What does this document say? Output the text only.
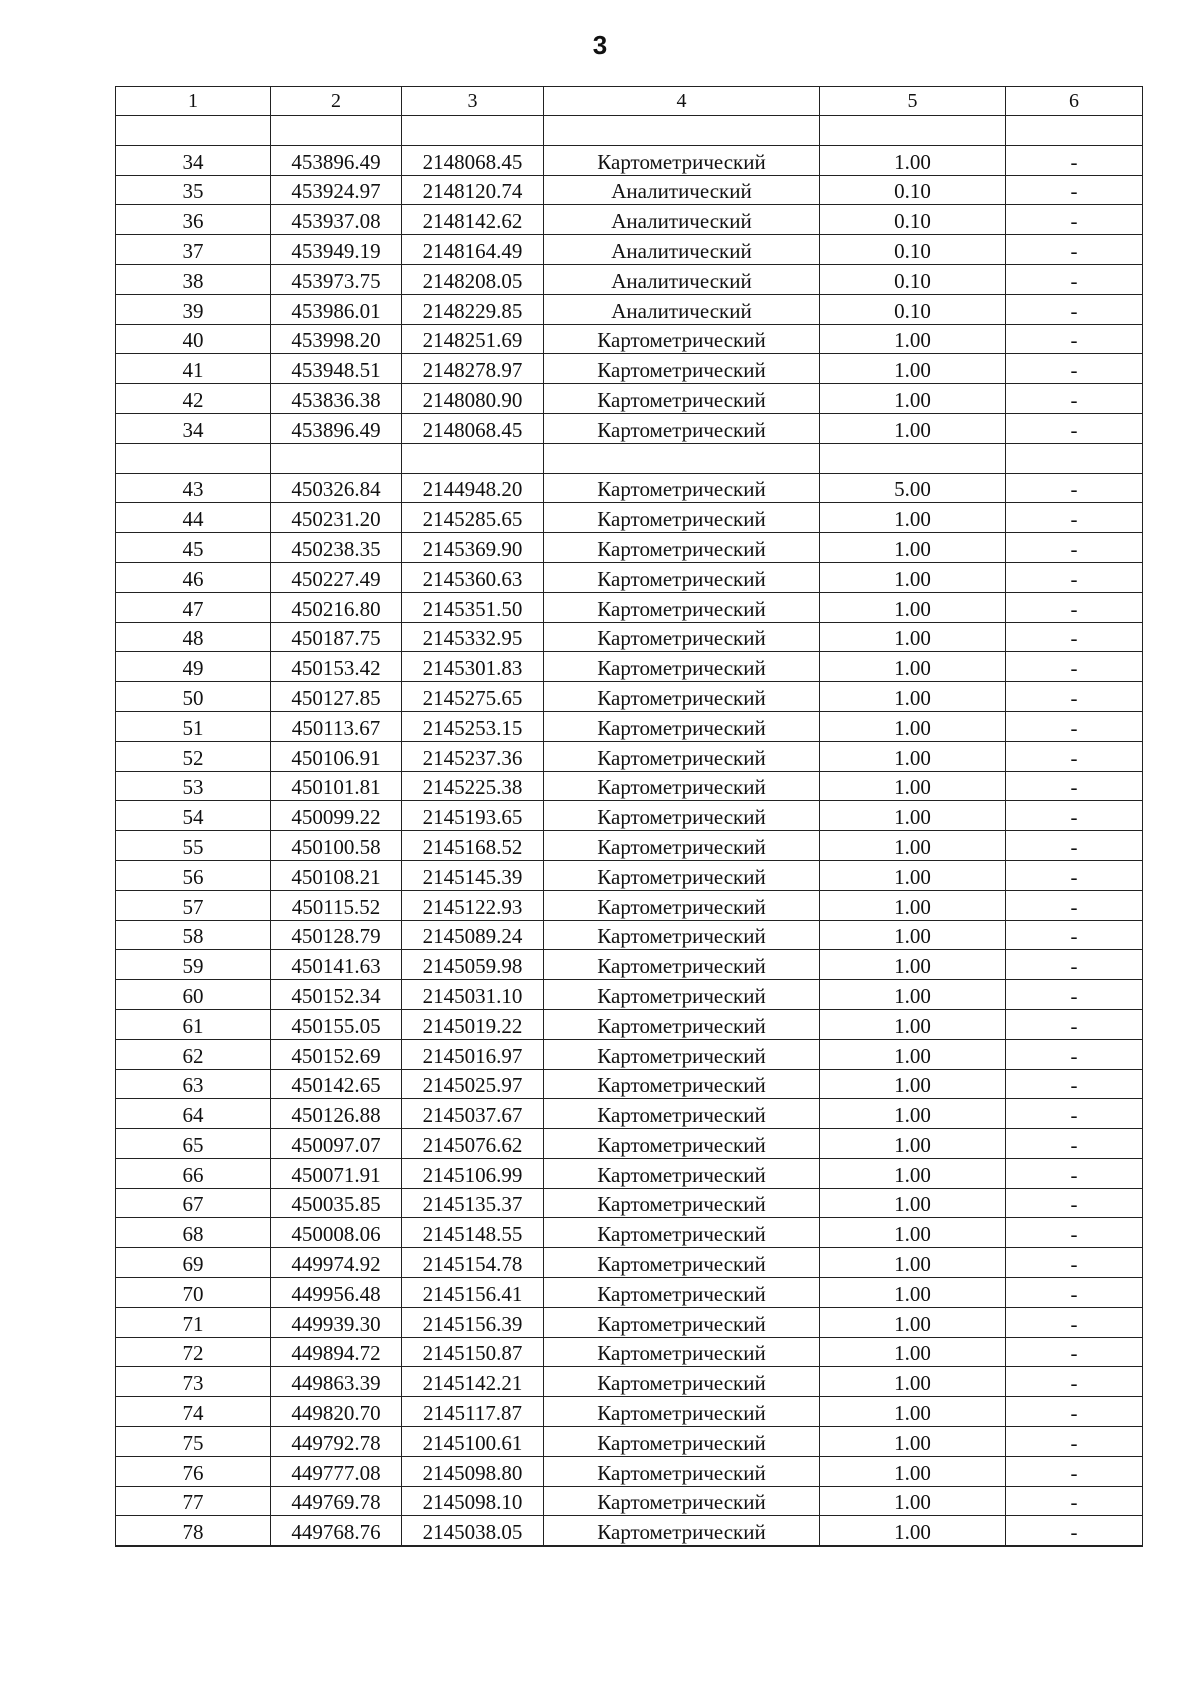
3
1	2	3	4	5	6

34	453896.49	2148068.45	Картометрический	1.00	-
35	453924.97	2148120.74	Аналитический	0.10	-
36	453937.08	2148142.62	Аналитический	0.10	-
37	453949.19	2148164.49	Аналитический	0.10	-
38	453973.75	2148208.05	Аналитический	0.10	-
39	453986.01	2148229.85	Аналитический	0.10	-
40	453998.20	2148251.69	Картометрический	1.00	-
41	453948.51	2148278.97	Картометрический	1.00	-
42	453836.38	2148080.90	Картометрический	1.00	-
34	453896.49	2148068.45	Картометрический	1.00	-

43	450326.84	2144948.20	Картометрический	5.00	-
44	450231.20	2145285.65	Картометрический	1.00	-
45	450238.35	2145369.90	Картометрический	1.00	-
46	450227.49	2145360.63	Картометрический	1.00	-
47	450216.80	2145351.50	Картометрический	1.00	-
48	450187.75	2145332.95	Картометрический	1.00	-
49	450153.42	2145301.83	Картометрический	1.00	-
50	450127.85	2145275.65	Картометрический	1.00	-
51	450113.67	2145253.15	Картометрический	1.00	-
52	450106.91	2145237.36	Картометрический	1.00	-
53	450101.81	2145225.38	Картометрический	1.00	-
54	450099.22	2145193.65	Картометрический	1.00	-
55	450100.58	2145168.52	Картометрический	1.00	-
56	450108.21	2145145.39	Картометрический	1.00	-
57	450115.52	2145122.93	Картометрический	1.00	-
58	450128.79	2145089.24	Картометрический	1.00	-
59	450141.63	2145059.98	Картометрический	1.00	-
60	450152.34	2145031.10	Картометрический	1.00	-
61	450155.05	2145019.22	Картометрический	1.00	-
62	450152.69	2145016.97	Картометрический	1.00	-
63	450142.65	2145025.97	Картометрический	1.00	-
64	450126.88	2145037.67	Картометрический	1.00	-
65	450097.07	2145076.62	Картометрический	1.00	-
66	450071.91	2145106.99	Картометрический	1.00	-
67	450035.85	2145135.37	Картометрический	1.00	-
68	450008.06	2145148.55	Картометрический	1.00	-
69	449974.92	2145154.78	Картометрический	1.00	-
70	449956.48	2145156.41	Картометрический	1.00	-
71	449939.30	2145156.39	Картометрический	1.00	-
72	449894.72	2145150.87	Картометрический	1.00	-
73	449863.39	2145142.21	Картометрический	1.00	-
74	449820.70	2145117.87	Картометрический	1.00	-
75	449792.78	2145100.61	Картометрический	1.00	-
76	449777.08	2145098.80	Картометрический	1.00	-
77	449769.78	2145098.10	Картометрический	1.00	-
78	449768.76	2145038.05	Картометрический	1.00	-
